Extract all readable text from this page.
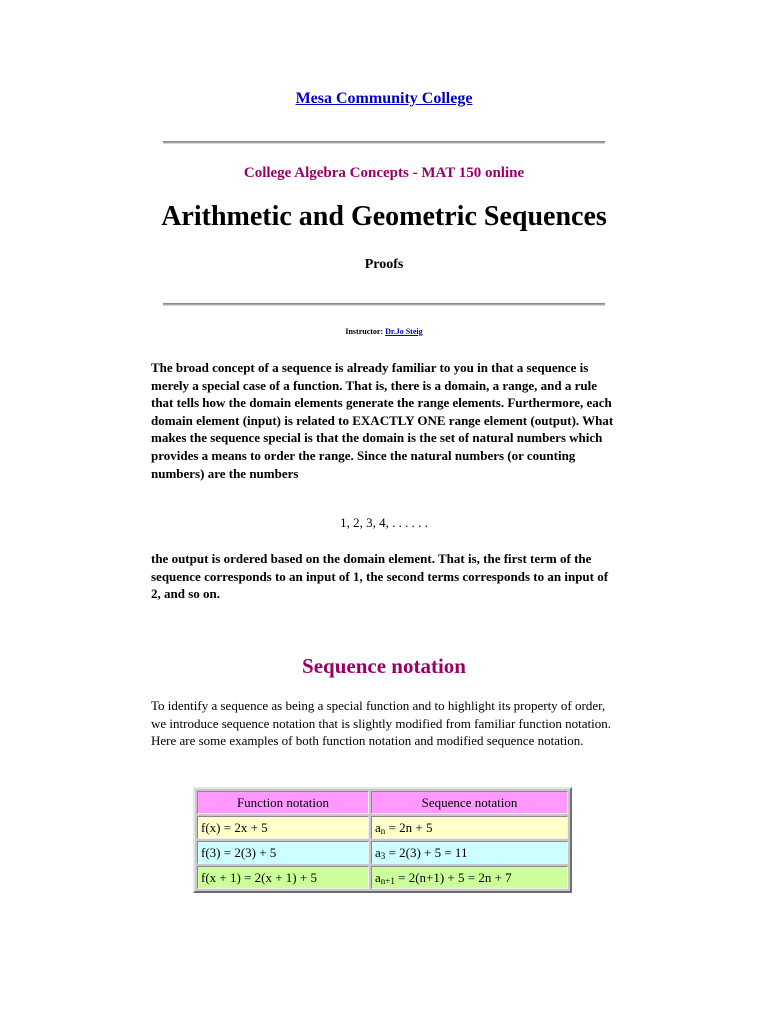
Mesa Community College
College Algebra Concepts - MAT 150 online
Arithmetic and Geometric Sequences
Proofs
Instructor: Dr.Jo Steig

The broad concept of a sequence is already familiar to you in that a sequence is merely a special case of a function. That is, there is a domain, a range, and a rule that tells how the domain elements generate the range elements. Furthermore, each domain element (input) is related to EXACTLY ONE range element (output). What makes the sequence special is that the domain is the set of natural numbers which provides a means to order the range. Since the natural numbers (or counting numbers) are the numbers

1, 2, 3, 4, . . . . . .

the output is ordered based on the domain element. That is, the first term of the sequence corresponds to an input of 1, the second terms corresponds to an input of 2, and so on.

Sequence notation

To identify a sequence as being a special function and to highlight its property of order, we introduce sequence notation that is slightly modified from familiar function notation. Here are some examples of both function notation and modified sequence notation.

Function notation	Sequence notation
f(x) = 2x + 5	$a_n = 2n + 5$
f(3) = 2(3) + 5	$a_3 = 2(3) + 5 = 11$
f(x + 1) = 2(x + 1) + 5	$a_{n+1} = 2(n+1) + 5 = 2n + 7$
